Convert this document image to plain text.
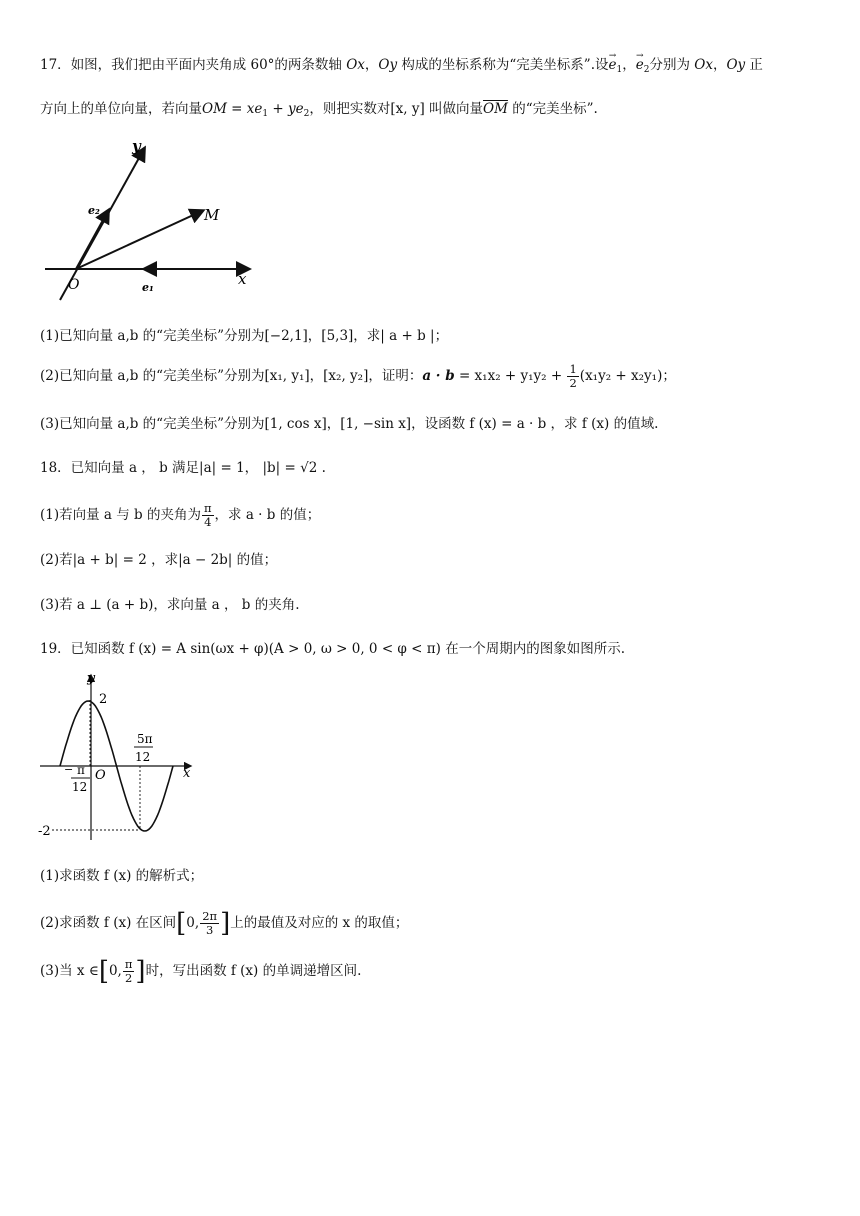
17．如图，我们把由平面内夹角成 60°的两条数轴 Ox，Oy 构成的坐标系称为“完美坐标系”.设→ $e_1$，→ $e_2$分别为 Ox，Oy 正
方向上的单位向量，若向量OM = $xe_1 + ye_2$，则把实数对[x, y] 叫做向量$\overline{OM}$ 的“完美坐标”.
y
e₂	M
O	e₁	x
(1)已知向量 a,b 的“完美坐标”分别为[−2,1]，[5,3]，求| a + b |；
(2)已知向量 a,b 的“完美坐标”分别为[x₁, y₁]，[x₂, y₂]，证明：$a \cdot b = x_1x_2 + y_1y_2 + \frac{1}{2} (x_1y_2 + x_2y_1)$；
(3)已知向量 a,b 的“完美坐标”分别为[1, cos x]，[1, −sin x]，设函数 f (x) = a · b ，求 f (x) 的值域.
18．已知向量 a ， b 满足|a| = 1， |b| = √2 .
(1)若向量 a 与 b 的夹角为 $\frac{\pi}{4}$ ，求 a · b 的值；
(2)若|a + b| = 2 ，求|a − 2b| 的值；
(3)若 a ⊥ (a + b)，求向量 a ， b 的夹角.
19．已知函数 f (x) = A sin(ωx + φ)(A > 0, ω > 0, 0 < φ < π) 在一个周期内的图象如图所示.
y
2
5π
12
x
− π
12
O
-2
(1)求函数 f (x) 的解析式；
(2)求函数 f (x) 在区间[0, $\frac{2\pi}{3}$ ]上的最值及对应的 x 的取值；
(3)当 x ∈[0, $\frac{\pi}{2}$ ]时，写出函数 f (x) 的单调递增区间.
